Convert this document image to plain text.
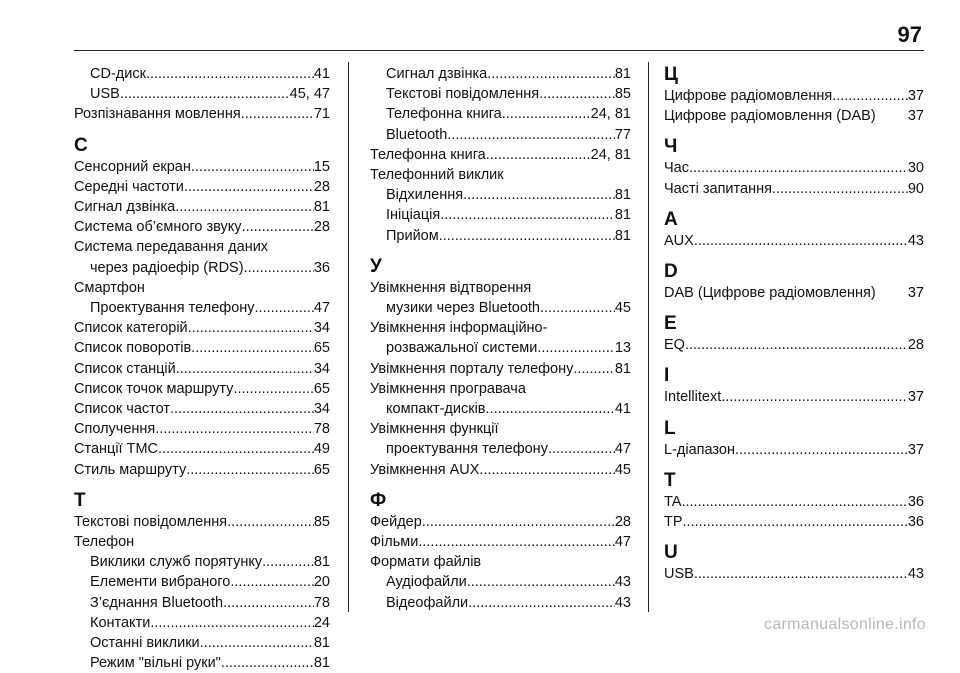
97
CD-диск .....	41
USB .....	45, 47
Розпізнавання мовлення .....	71
С
Сенсорний екран .....	15
Середні частоти .....	28
Сигнал дзвінка .....	81
Система об’ємного звуку .....	28
Система передавання даних
через радіоефір (RDS) .....	36
Смартфон
Проектування телефону .....	47
Список категорій .....	34
Список поворотів .....	65
Список станцій .....	34
Список точок маршруту .....	65
Список частот .....	34
Сполучення .....	78
Станції TMC .....	49
Стиль маршруту .....	65
Т
Текстові повідомлення .....	85
Телефон
Виклики служб порятунку .....	81
Елементи вибраного .....	20
З’єднання Bluetooth .....	78
Контакти .....	24
Останні виклики .....	81
Режим "вільні руки" .....	81
Сигнал дзвінка .....	81
Текстові повідомлення .....	85
Телефонна книга .....	24, 81
Bluetooth .....	77
Телефонна книга .....	24, 81
Телефонний виклик
Відхилення .....	81
Ініціація .....	81
Прийом .....	81
У
Увімкнення відтворення
музики через Bluetooth .....	45
Увімкнення інформаційно-
розважальної системи .....	13
Увімкнення порталу телефону .....	81
Увімкнення програвача
компакт-дисків .....	41
Увімкнення функції
проектування телефону .....	47
Увімкнення AUX .....	45
Ф
Фейдер .....	28
Фільми .....	47
Формати файлів
Аудіофайли .....	43
Відеофайли .....	43
Ц
Цифрове радіомовлення .....	37
Цифрове радіомовлення (DAB) 37
Ч
Час .....	30
Часті запитання .....	90
A
AUX .....	43
D
DAB (Цифрове радіомовлення) 37
E
EQ .....	28
I
Intellitext .....	37
L
L-діапазон .....	37
T
TA .....	36
TP .....	36
U
USB .....	43
carmanualsonline.info
